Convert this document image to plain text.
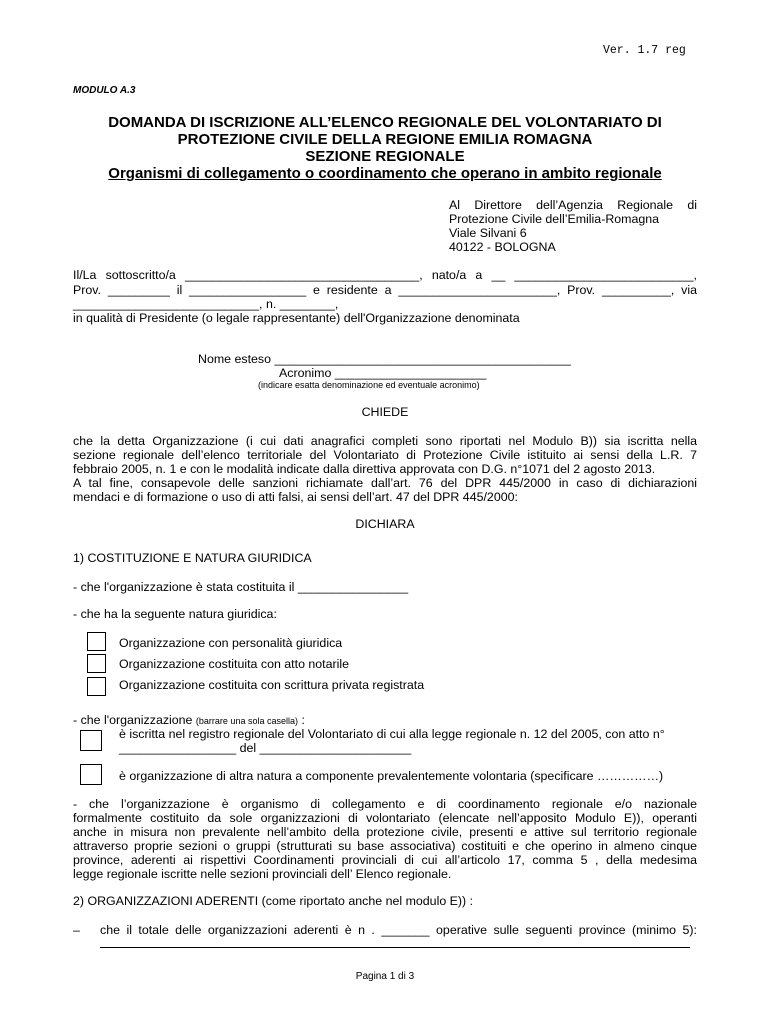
Ver. 1.7 reg
MODULO A.3
DOMANDA DI ISCRIZIONE ALL’ELENCO REGIONALE DEL VOLONTARIATO DI
PROTEZIONE CIVILE DELLA REGIONE EMILIA ROMAGNA
SEZIONE REGIONALE
Organismi di collegamento o coordinamento che operano in ambito regionale
Al Direttore dell’Agenzia Regionale di
Protezione Civile dell’Emilia-Romagna
Viale Silvani 6
40122 - BOLOGNA
Il/La sottoscritto/a __________________________________, nato/a a __ __________________________,
Prov. _________ il _________________ e residente a _______________________, Prov. __________, via
___________________________, n. ________,
in qualità di Presidente (o legale rappresentante) dell'Organizzazione denominata
Nome esteso ___________________________________________
Acronimo ______________________
(indicare esatta denominazione ed eventuale acronimo)
CHIEDE
che la detta Organizzazione (i cui dati anagrafici completi sono riportati nel Modulo B)) sia iscritta nella
sezione regionale dell’elenco territoriale del Volontariato di Protezione Civile istituito ai sensi della L.R. 7
febbraio 2005, n. 1 e con le modalità indicate dalla direttiva approvata con D.G. n°1071 del 2 agosto 2013.
A tal fine, consapevole delle sanzioni richiamate dall’art. 76 del DPR 445/2000 in caso di dichiarazioni
mendaci e di formazione o uso di atti falsi, ai sensi dell’art. 47 del DPR 445/2000:
DICHIARA
1) COSTITUZIONE E NATURA GIURIDICA
- che l'organizzazione è stata costituita il ________________
- che ha la seguente natura giuridica:
Organizzazione con personalità giuridica
Organizzazione costituita con atto notarile
Organizzazione costituita con scrittura privata registrata
- che l'organizzazione (barrare una sola casella) :
è iscritta nel registro regionale del Volontariato di cui alla legge regionale n. 12 del 2005, con atto n°
_________________ del ______________________
è organizzazione di altra natura a componente prevalentemente volontaria (specificare ……………)
- che l’organizzazione è organismo di collegamento e di coordinamento regionale e/o nazionale
formalmente costituito da sole organizzazioni di volontariato (elencate nell’apposito Modulo E)), operanti
anche in misura non prevalente nell’ambito della protezione civile, presenti e attive sul territorio regionale
attraverso proprie sezioni o gruppi (strutturati su base associativa) costituiti e che operino in almeno cinque
province, aderenti ai rispettivi Coordinamenti provinciali di cui all’articolo 17, comma 5 , della medesima
legge regionale iscritte nelle sezioni provinciali dell’ Elenco regionale.
2) ORGANIZZAZIONI ADERENTI (come riportato anche nel modulo E)) :
– che il totale delle organizzazioni aderenti è n . _______ operative sulle seguenti province (minimo 5):
Pagina 1 di 3
